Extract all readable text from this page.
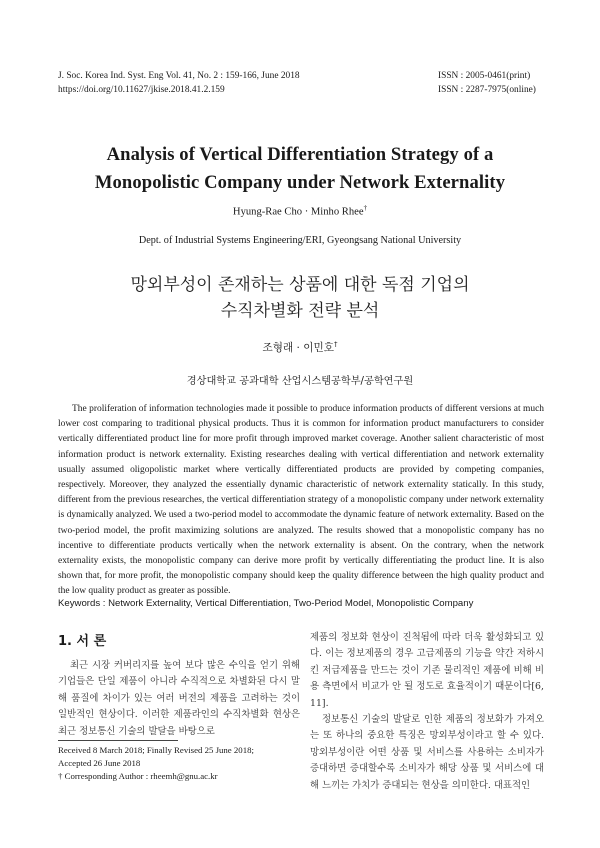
J. Soc. Korea Ind. Syst. Eng Vol. 41, No. 2 : 159-166, June 2018
https://doi.org/10.11627/jkise.2018.41.2.159
ISSN : 2005-0461(print)
ISSN : 2287-7975(online)
Analysis of Vertical Differentiation Strategy of a
Monopolistic Company under Network Externality
Hyung-Rae Cho · Minho Rhee†
Dept. of Industrial Systems Engineering/ERI, Gyeongsang National University
망외부성이 존재하는 상품에 대한 독점 기업의
수직차별화 전략 분석
조형래 · 이민호†
경상대학교 공과대학 산업시스템공학부/공학연구원
The proliferation of information technologies made it possible to produce information products of different versions at much lower cost comparing to traditional physical products. Thus it is common for information product manufacturers to consider vertically differentiated product line for more profit through improved market coverage. Another salient characteristic of most information product is network externality. Existing researches dealing with vertical differentiation and network externality usually assumed oligopolistic market where vertically differentiated products are provided by competing companies, respectively. Moreover, they analyzed the essentially dynamic characteristic of network externality statically. In this study, different from the previous researches, the vertical differentiation strategy of a monopolistic company under network externality is dynamically analyzed. We used a two-period model to accommodate the dynamic feature of network externality. Based on the two-period model, the profit maximizing solutions are analyzed. The results showed that a monopolistic company has no incentive to differentiate products vertically when the network externality is absent. On the contrary, when the network externality exists, the monopolistic company can derive more profit by vertically differentiating the product line. It is also shown that, for more profit, the monopolistic company should keep the quality difference between the high quality product and the low quality product as greater as possible.
Keywords : Network Externality, Vertical Differentiation, Two-Period Model, Monopolistic Company
1. 서 론
최근 시장 커버리지를 높여 보다 많은 수익을 얻기 위해 기업들은 단일 제품이 아니라 수직적으로 차별화된 다시 말해 품질에 차이가 있는 여러 버전의 제품을 고려하는 것이 일반적인 현상이다. 이러한 제품라인의 수직차별화 현상은 최근 정보통신 기술의 발달을 바탕으로
제품의 정보화 현상이 진척됨에 따라 더욱 활성화되고 있다. 이는 정보제품의 경우 고급제품의 기능을 약간 저하시킨 저급제품을 만드는 것이 기존 물리적인 제품에 비해 비용 측면에서 비교가 안 될 정도로 효율적이기 때문이다[6, 11].
정보통신 기술의 발달로 인한 제품의 정보화가 가져오는 또 하나의 중요한 특징은 망외부성이라고 할 수 있다. 망외부성이란 어떤 상품 및 서비스를 사용하는 소비자가 증대하면 증대할수록 소비자가 해당 상품 및 서비스에 대해 느끼는 가치가 증대되는 현상을 의미한다. 대표적인
Received 8 March 2018; Finally Revised 25 June 2018;
Accepted 26 June 2018
† Corresponding Author : rheemh@gnu.ac.kr
